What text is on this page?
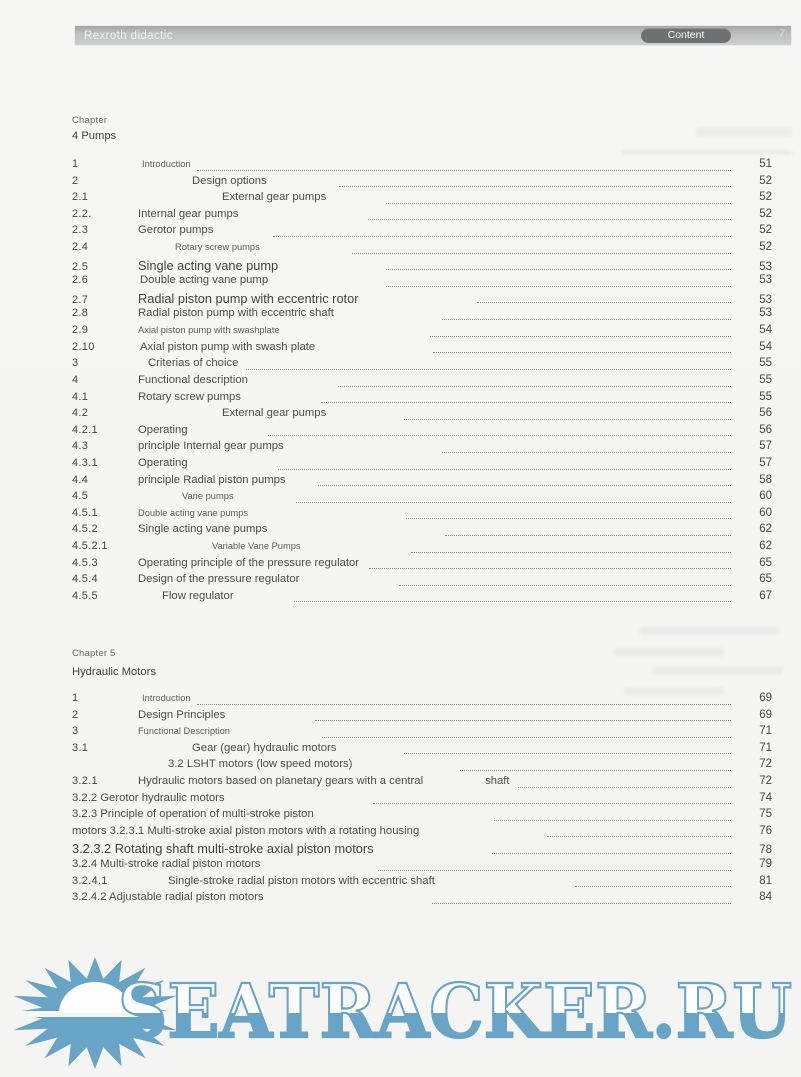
Rexroth didactic	Content	7
Chapter
4 Pumps
1	Introduction	51
2	Design options	52
2.1	External gear pumps	52
2.2.	Internal gear pumps	52
2.3	Gerotor pumps	52
2.4	Rotary screw pumps	52
2.5	Single acting vane pump	53
2.6	Double acting vane pump	53
2.7	Radial piston pump with eccentric rotor	53
2.8	Radial piston pump with eccentric shaft	53
2.9	Axial piston pump with swashplate	54
2.10	Axial piston pump with swash plate	54
3	Criterias of choice	55
4	Functional description	55
4.1	Rotary screw pumps	55
4.2	External gear pumps	56
4.2.1	Operating	56
4.3	principle Internal gear pumps	57
4.3.1	Operating	57
4.4	principle Radial piston pumps	58
4.5	Vane pumps	60
4.5.1	Double acting vane pumps	60
4.5.2	Single acting vane pumps	62
4.5.2.1	Variable Vane Pumps	62
4.5.3	Operating principle of the pressure regulator	65
4.5.4	Design of the pressure regulator	65
4.5.5	Flow regulator	67
Chapter 5
Hydraulic Motors
1	Introduction	69
2	Design Principles	69
3	Functional Description	71
3.1	Gear (gear) hydraulic motors	71
3.2 LSHT motors (low speed motors)	72
3.2.1	Hydraulic motors based on planetary gears with a central	shaft	72
3.2.2 Gerotor hydraulic motors	74
3.2.3 Principle of operation of multi-stroke piston	75
motors 3.2.3.1 Multi-stroke axial piston motors with a rotating housing	76
3.2.3.2 Rotating shaft multi-stroke axial piston motors	78
3.2.4 Multi-stroke radial piston motors	79
3.2.4.1	Single-stroke radial piston motors with eccentric shaft	81
3.2.4.2 Adjustable radial piston motors	84
SEATRACKER.RU
